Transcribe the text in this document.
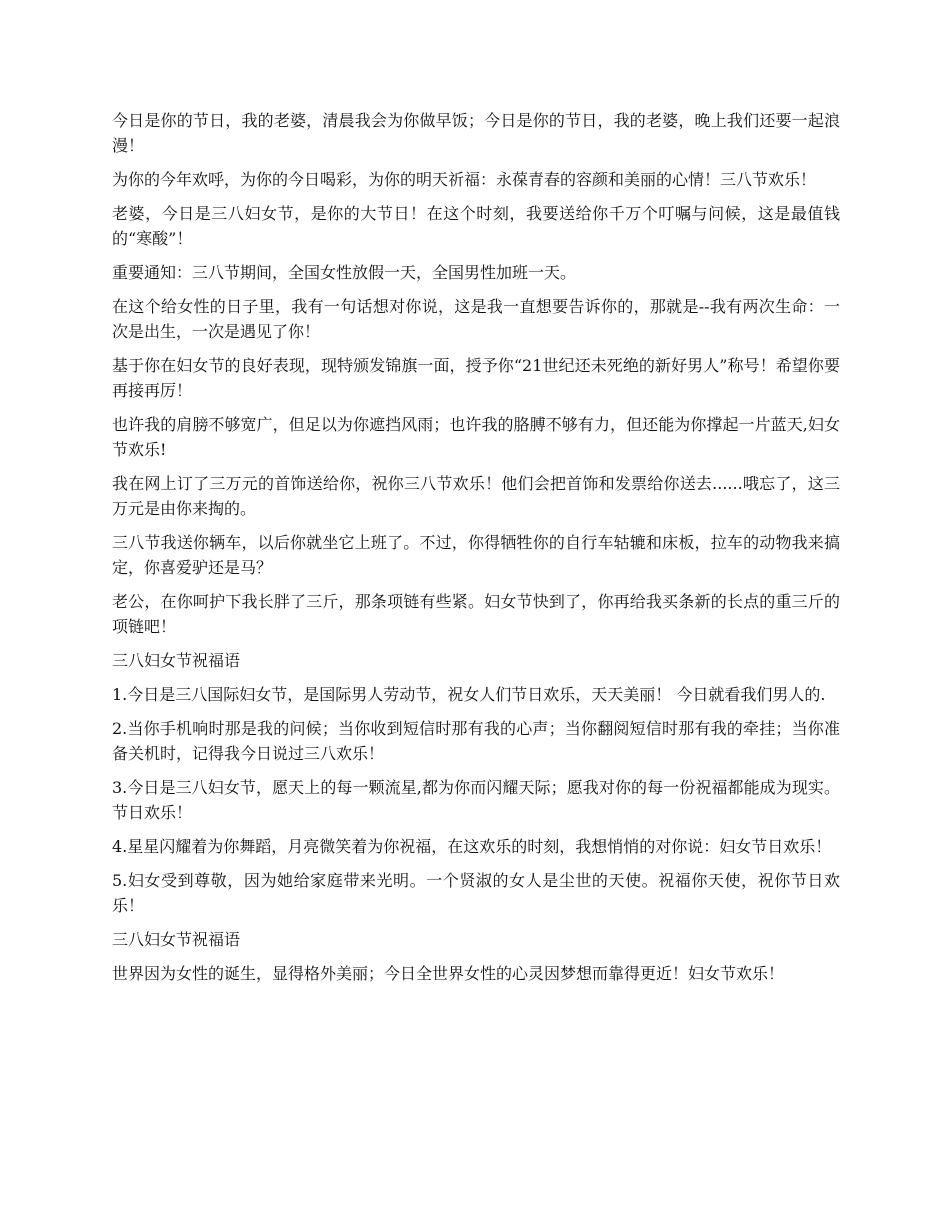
今日是你的节日，我的老婆，清晨我会为你做早饭；今日是你的节日，我的老婆，晚上我们还要一起浪漫！

为你的今年欢呼，为你的今日喝彩，为你的明天祈福：永葆青春的容颜和美丽的心情！三八节欢乐！

老婆，今日是三八妇女节，是你的大节日！在这个时刻，我要送给你千万个叮嘱与问候，这是最值钱的“寒酸”！

重要通知：三八节期间，全国女性放假一天，全国男性加班一天。

在这个给女性的日子里，我有一句话想对你说，这是我一直想要告诉你的，那就是--我有两次生命：一次是出生，一次是遇见了你！

基于你在妇女节的良好表现，现特颁发锦旗一面，授予你“21世纪还未死绝的新好男人”称号！希望你要再接再厉！

也许我的肩膀不够宽广，但足以为你遮挡风雨；也许我的胳膊不够有力，但还能为你撑起一片蓝天,妇女节欢乐!

我在网上订了三万元的首饰送给你，祝你三八节欢乐！他们会把首饰和发票给你送去......哦忘了，这三万元是由你来掏的。

三八节我送你辆车，以后你就坐它上班了。不过，你得牺牲你的自行车轱辘和床板，拉车的动物我来搞定，你喜爱驴还是马？

老公，在你呵护下我长胖了三斤，那条项链有些紧。妇女节快到了，你再给我买条新的长点的重三斤的项链吧！

三八妇女节祝福语

1.今日是三八国际妇女节，是国际男人劳动节，祝女人们节日欢乐，天天美丽！ 今日就看我们男人的.

2.当你手机响时那是我的问候；当你收到短信时那有我的心声；当你翻阅短信时那有我的牵挂；当你准备关机时，记得我今日说过三八欢乐！

3.今日是三八妇女节，愿天上的每一颗流星,都为你而闪耀天际；愿我对你的每一份祝福都能成为现实。节日欢乐！

4.星星闪耀着为你舞蹈，月亮微笑着为你祝福，在这欢乐的时刻，我想悄悄的对你说：妇女节日欢乐！

5.妇女受到尊敬，因为她给家庭带来光明。一个贤淑的女人是尘世的天使。祝福你天使，祝你节日欢乐！

三八妇女节祝福语

世界因为女性的诞生，显得格外美丽；今日全世界女性的心灵因梦想而靠得更近！妇女节欢乐！
